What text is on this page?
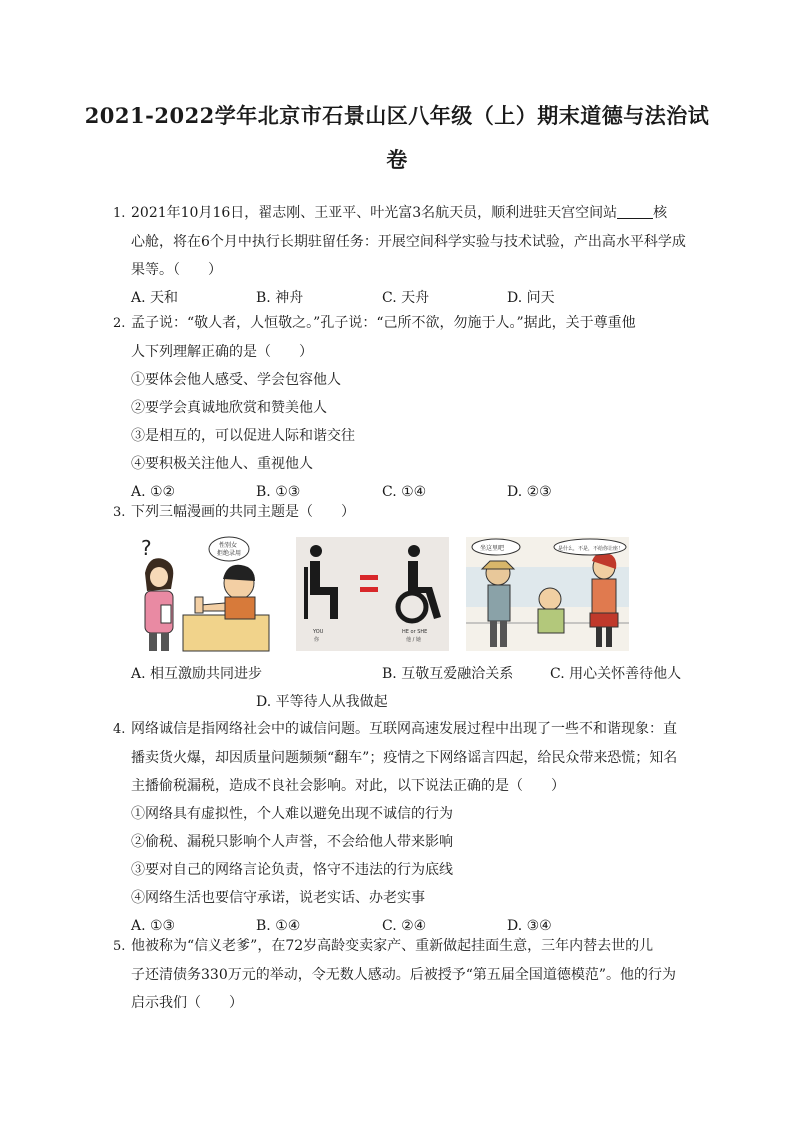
2021-2022学年北京市石景山区八年级（上）期末道德与法治试
卷
1. 2021年10月16日，翟志刚、王亚平、叶光富3名航天员，顺利进驻天宫空间站	核
心舱，将在6个月中执行长期驻留任务：开展空间科学实验与技术试验，产出高水平科学成
果等。（　　）
A. 天和	B. 神舟	C. 天舟	D. 问天
2. 孟子说：“敬人者，人恒敬之。”孔子说：“己所不欲，勿施于人。”据此，关于尊重他
人下列理解正确的是（　　）
①要体会他人感受、学会包容他人
②要学会真诚地欣赏和赞美他人
③是相互的，可以促进人际和谐交往
④要积极关注他人、重视他人
A. ①②	B. ①③	C. ①④	D. ②③
3. 下列三幅漫画的共同主题是（　　）
?	性别女
拒绝录用
YOU
你
HE or SHE
他 / 她
坐这里吧	是什么，不是，不给你让座！
A. 相互激励共同进步	B. 互敬互爱融洽关系	C. 用心关怀善待他人
D. 平等待人从我做起
4. 网络诚信是指网络社会中的诚信问题。互联网高速发展过程中出现了一些不和谐现象：直
播卖货火爆，却因质量问题频频“翻车”；疫情之下网络谣言四起，给民众带来恐慌；知名
主播偷税漏税，造成不良社会影响。对此，以下说法正确的是（　　）
①网络具有虚拟性，个人难以避免出现不诚信的行为
②偷税、漏税只影响个人声誉，不会给他人带来影响
③要对自己的网络言论负责，恪守不违法的行为底线
④网络生活也要信守承诺，说老实话、办老实事
A. ①③	B. ①④	C. ②④	D. ③④
5. 他被称为“信义老爹”，在72岁高龄变卖家产、重新做起挂面生意，三年内替去世的儿
子还清债务330万元的举动，令无数人感动。后被授予“第五届全国道德模范”。他的行为
启示我们（　　）
